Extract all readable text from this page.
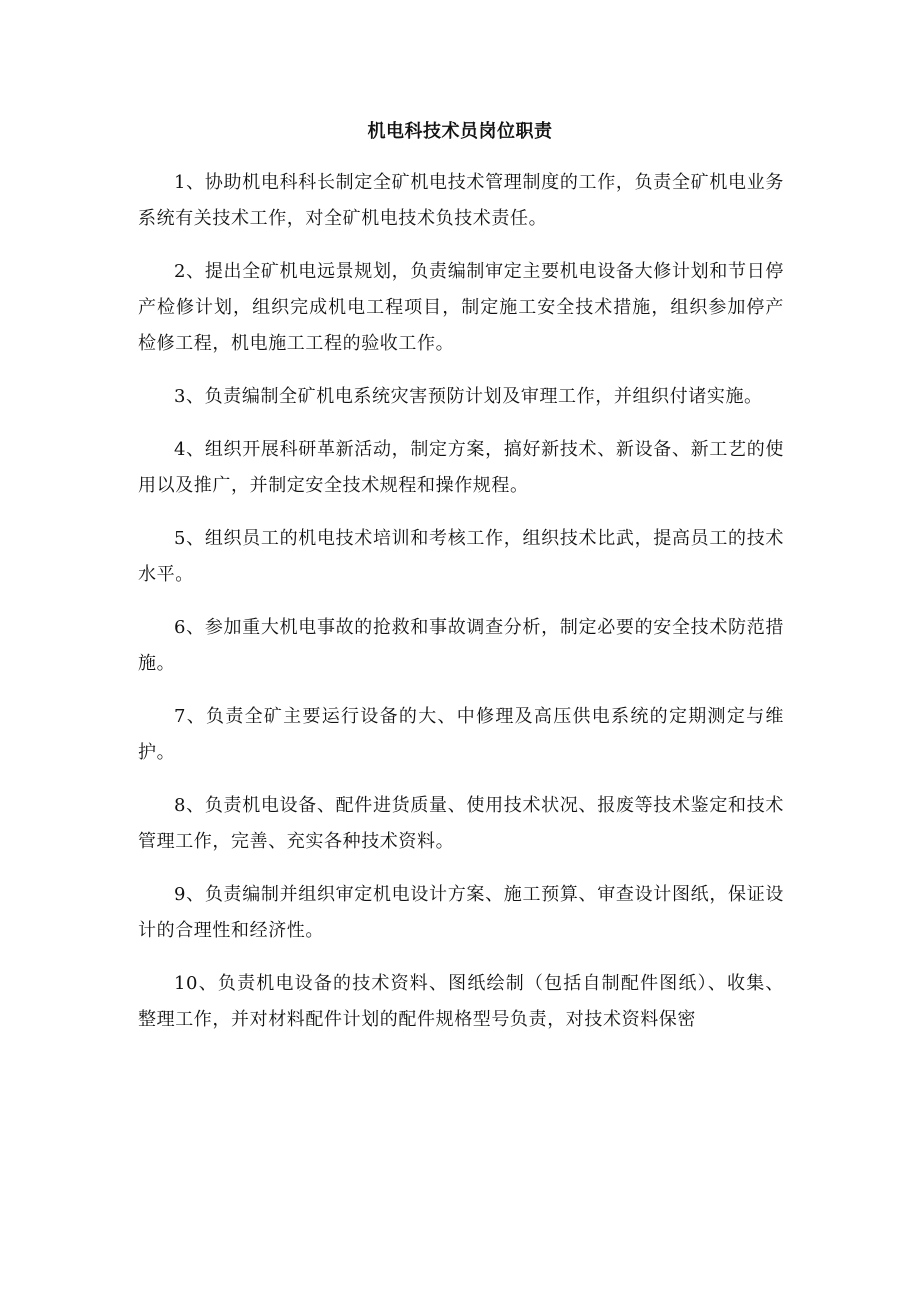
机电科技术员岗位职责

1、协助机电科科长制定全矿机电技术管理制度的工作，负责全矿机电业务系统有关技术工作，对全矿机电技术负技术责任。

2、提出全矿机电远景规划，负责编制审定主要机电设备大修计划和节日停产检修计划，组织完成机电工程项目，制定施工安全技术措施，组织参加停产检修工程，机电施工工程的验收工作。

3、负责编制全矿机电系统灾害预防计划及审理工作，并组织付诸实施。

4、组织开展科研革新活动，制定方案，搞好新技术、新设备、新工艺的使用以及推广，并制定安全技术规程和操作规程。

5、组织员工的机电技术培训和考核工作，组织技术比武，提高员工的技术水平。

6、参加重大机电事故的抢救和事故调查分析，制定必要的安全技术防范措施。

7、负责全矿主要运行设备的大、中修理及高压供电系统的定期测定与维护。

8、负责机电设备、配件进货质量、使用技术状况、报废等技术鉴定和技术管理工作，完善、充实各种技术资料。

9、负责编制并组织审定机电设计方案、施工预算、审查设计图纸，保证设计的合理性和经济性。

10、负责机电设备的技术资料、图纸绘制（包括自制配件图纸）、收集、整理工作，并对材料配件计划的配件规格型号负责，对技术资料保密
